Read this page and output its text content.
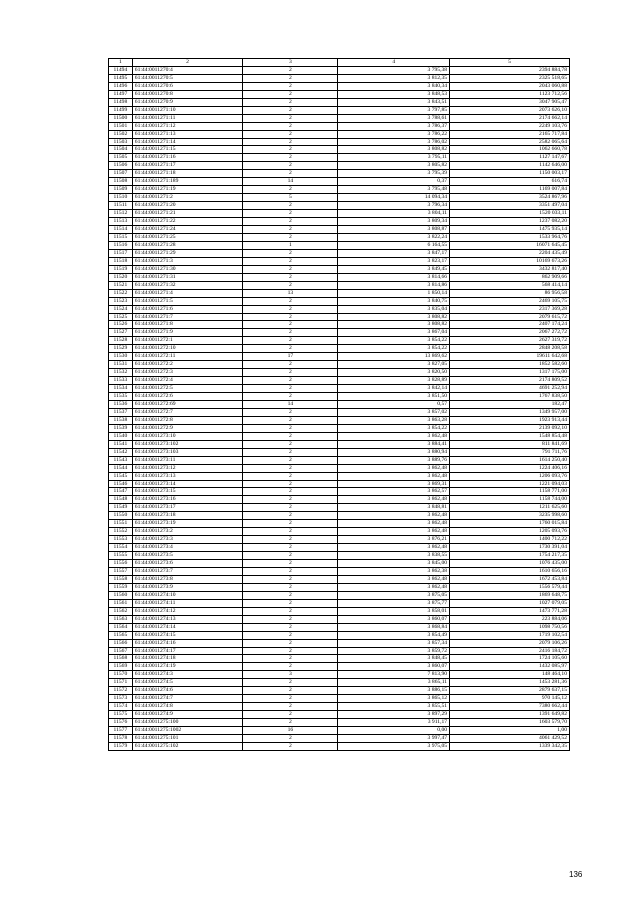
1	2	3	4	5
11494	61:44:0011270:4	2	3 795,38	2394 884,78
11495	61:44:0011270:5	2	3 812,35	2325 518,65
11496	61:44:0011270:6	2	3 840,34	2043 060,88
11497	61:44:0011270:8	2	3 848,53	1123 712,56
11498	61:44:0011270:9	2	3 843,51	3047 905,47
11499	61:44:0011271:10	2	3 797,85	2073 626,10
11500	61:44:0011271:11	2	3 788,61	2174 662,14
11501	61:44:0011271:12	2	3 786,37	2249 103,76
11502	61:44:0011271:13	2	3 786,22	2165 717,84
11503	61:44:0011271:14	2	3 786,02	2582 065,64
11504	61:44:0011271:15	2	3 808,82	1062 660,78
11505	61:44:0011271:16	2	3 795,11	1127 147,67
11506	61:44:0011271:17	2	3 805,82	1142 646,00
11507	61:44:0011271:18	2	3 795,39	1150 003,17
11508	61:44:0011271:189	14	0,37	616,74
11509	61:44:0011271:19	2	3 795,48	1169 007,84
11510	61:44:0011271:2	5	14 094,34	3524 867,96
11511	61:44:0011271:20	2	3 796,34	3351 497,04
11512	61:44:0011271:21	2	3 804,11	1520 033,11
11513	61:44:0011271:22	2	3 809,34	1237 082,20
11514	61:44:0011271:24	2	3 808,87	1475 935,14
11515	61:44:0011271:25	2	3 822,24	1533 964,76
11516	61:44:0011271:28	1	6 164,55	16071 645,45
11517	61:44:0011271:29	2	3 847,17	2204 435,49
11518	61:44:0011271:3	2	3 823,17	10169 673,26
11519	61:44:0011271:30	2	3 849,45	3432 817,40
11520	61:44:0011271:31	2	3 814,66	862 909,66
11521	61:44:0011271:32	2	3 814,86	568 414,14
11522	61:44:0011271:4	13	1 850,14	86 956,58
11523	61:44:0011271:5	2	3 840,75	2469 105,75
11524	61:44:0011271:6	2	3 835,04	2317 369,28
11525	61:44:0011271:7	2	3 808,82	2079 615,72
11526	61:44:0011271:8	2	3 808,82	2407 174,24
11527	61:44:0011271:9	2	3 867,04	2067 272,72
11528	61:44:0011272:1	2	3 854,22	2627 319,72
11529	61:44:0011272:10	2	3 854,22	2848 208,58
11530	61:44:0011272:11	17	13 869,62	19611 642,68
11531	61:44:0011272:2	2	3 827,05	1852 582,60
11532	61:44:0011272:3	2	3 820,50	1317 175,00
11533	61:44:0011272:4	2	3 828,89	2174 809,52
11534	61:44:0011272:5	2	3 842,14	4691 252,94
11535	61:44:0011272:6	2	3 851,50	1767 838,50
11536	61:44:0011272:69	14	0,57	182,47
11537	61:44:0011272:7	2	3 857,02	1349 957,00
11538	61:44:0011272:8	2	3 863,28	1923 913,44
11539	61:44:0011272:9	2	3 854,22	2139 092,10
11540	61:44:0011273:10	2	3 862,48	1548 854,48
11541	61:44:0011273:102	2	3 884,41	811 841,69
11542	61:44:0011273:103	2	3 880,94	791 711,76
11543	61:44:0011273:11	2	3 889,76	1614 250,40
11544	61:44:0011273:12	2	3 862,48	1224 406,16
11545	61:44:0011273:13	2	3 862,48	1206 093,76
11546	61:44:0011273:14	2	3 869,31	1221 094,03
11547	61:44:0011273:15	2	3 862,57	1158 771,00
11548	61:44:0011273:16	2	3 862,48	1158 744,00
11549	61:44:0011273:17	2	3 848,81	1211 625,60
11550	61:44:0011273:18	2	3 862,48	3235 998,60
11551	61:44:0011273:19	2	3 862,48	1760 015,84
11552	61:44:0011273:2	2	3 862,48	1205 093,76
11553	61:44:0011273:3	2	3 876,21	1400 712,22
11554	61:44:0011273:4	2	3 862,48	1730 391,04
11555	61:44:0011273:5	2	3 838,55	1754 217,35
11556	61:44:0011273:6	2	3 845,00	1076 435,00
11557	61:44:0011273:7	2	3 862,38	1610 656,16
11558	61:44:0011273:8	2	3 862,48	1672 453,84
11559	61:44:0011273:9	2	3 862,48	1556 579,44
11560	61:44:0011274:10	2	3 875,05	1869 648,75
11561	61:44:0011274:11	2	3 875,77	1027 079,05
11562	61:44:0011274:12	2	3 858,01	1473 771,28
11563	61:44:0011274:13	2	3 860,07	223 884,06
11564	61:44:0011274:14	2	3 868,84	1098 750,56
11565	61:44:0011274:15	2	3 854,49	1719 102,54
11566	61:44:0011274:16	2	3 857,34	2079 106,26
11567	61:44:0011274:17	2	3 859,72	2416 184,72
11568	61:44:0011274:18	2	3 848,45	1724 105,60
11569	61:44:0011274:19	2	3 860,07	1432 085,97
11570	61:44:0011274:3	3	7 813,90	148 464,10
11571	61:44:0011274:5	2	3 865,11	1453 281,36
11572	61:44:0011274:6	2	3 886,15	2879 637,15
11573	61:44:0011274:7	2	3 865,12	970 145,12
11574	61:44:0011274:8	2	3 855,51	7380 662,44
11575	61:44:0011274:9	2	3 897,29	1391 649,82
11576	61:44:0011275:100	2	3 911,17	1603 579,70
11577	61:44:0011275:1002	16	0,00	1,00
11578	61:44:0011275:101	2	3 997,47	4061 429,52
11579	61:44:0011275:102	2	3 975,05	1339 342,35
136
